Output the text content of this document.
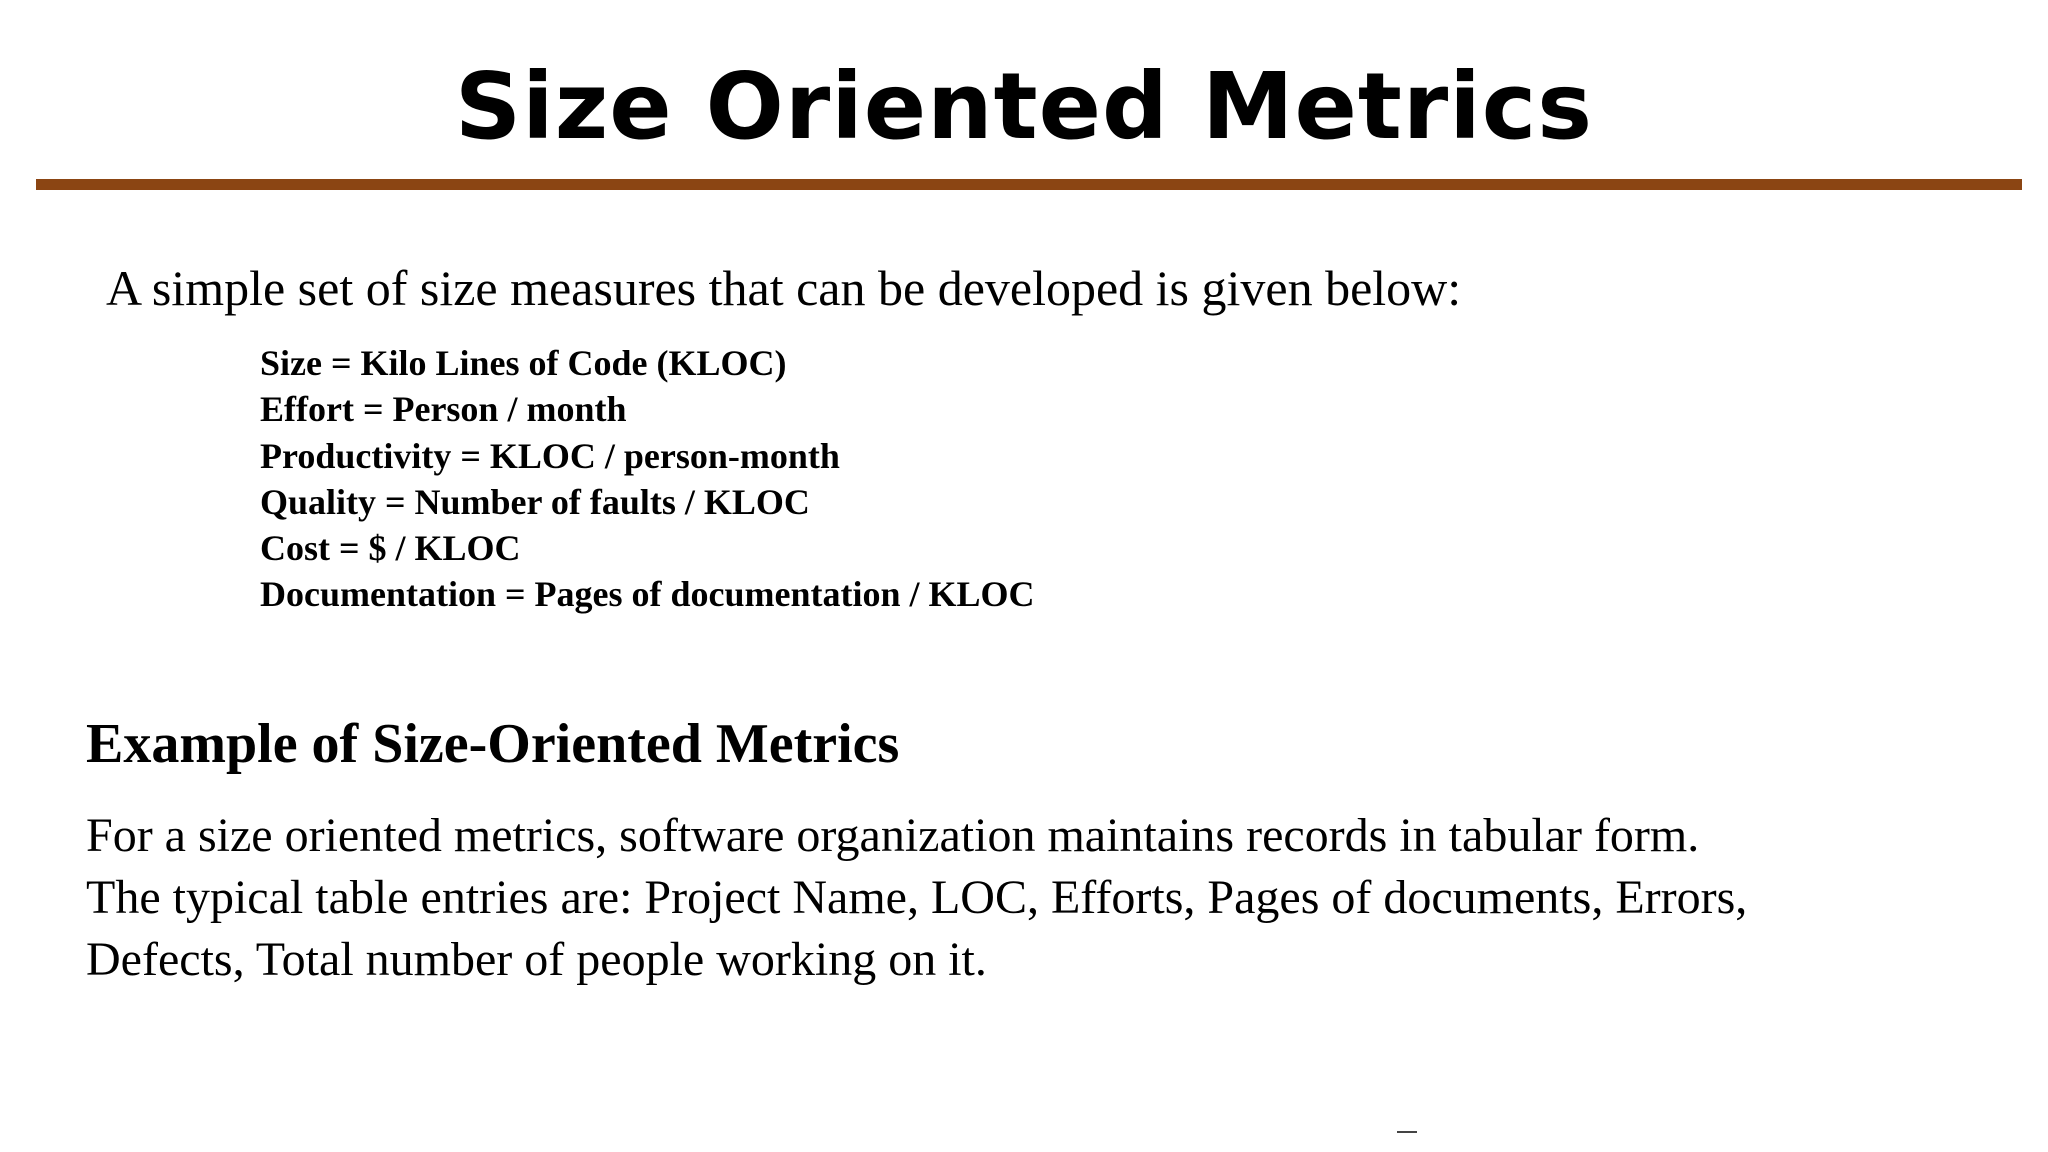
Size Oriented Metrics
A simple set of size measures that can be developed is given below:
Size = Kilo Lines of Code (KLOC)
Effort = Person / month
Productivity = KLOC / person-month
Quality = Number of faults / KLOC
Cost = $ / KLOC
Documentation = Pages of documentation / KLOC
Example of Size-Oriented Metrics

For a size oriented metrics, software organization maintains records in tabular form.
The typical table entries are: Project Name, LOC, Efforts, Pages of documents, Errors,
Defects, Total number of people working on it.
